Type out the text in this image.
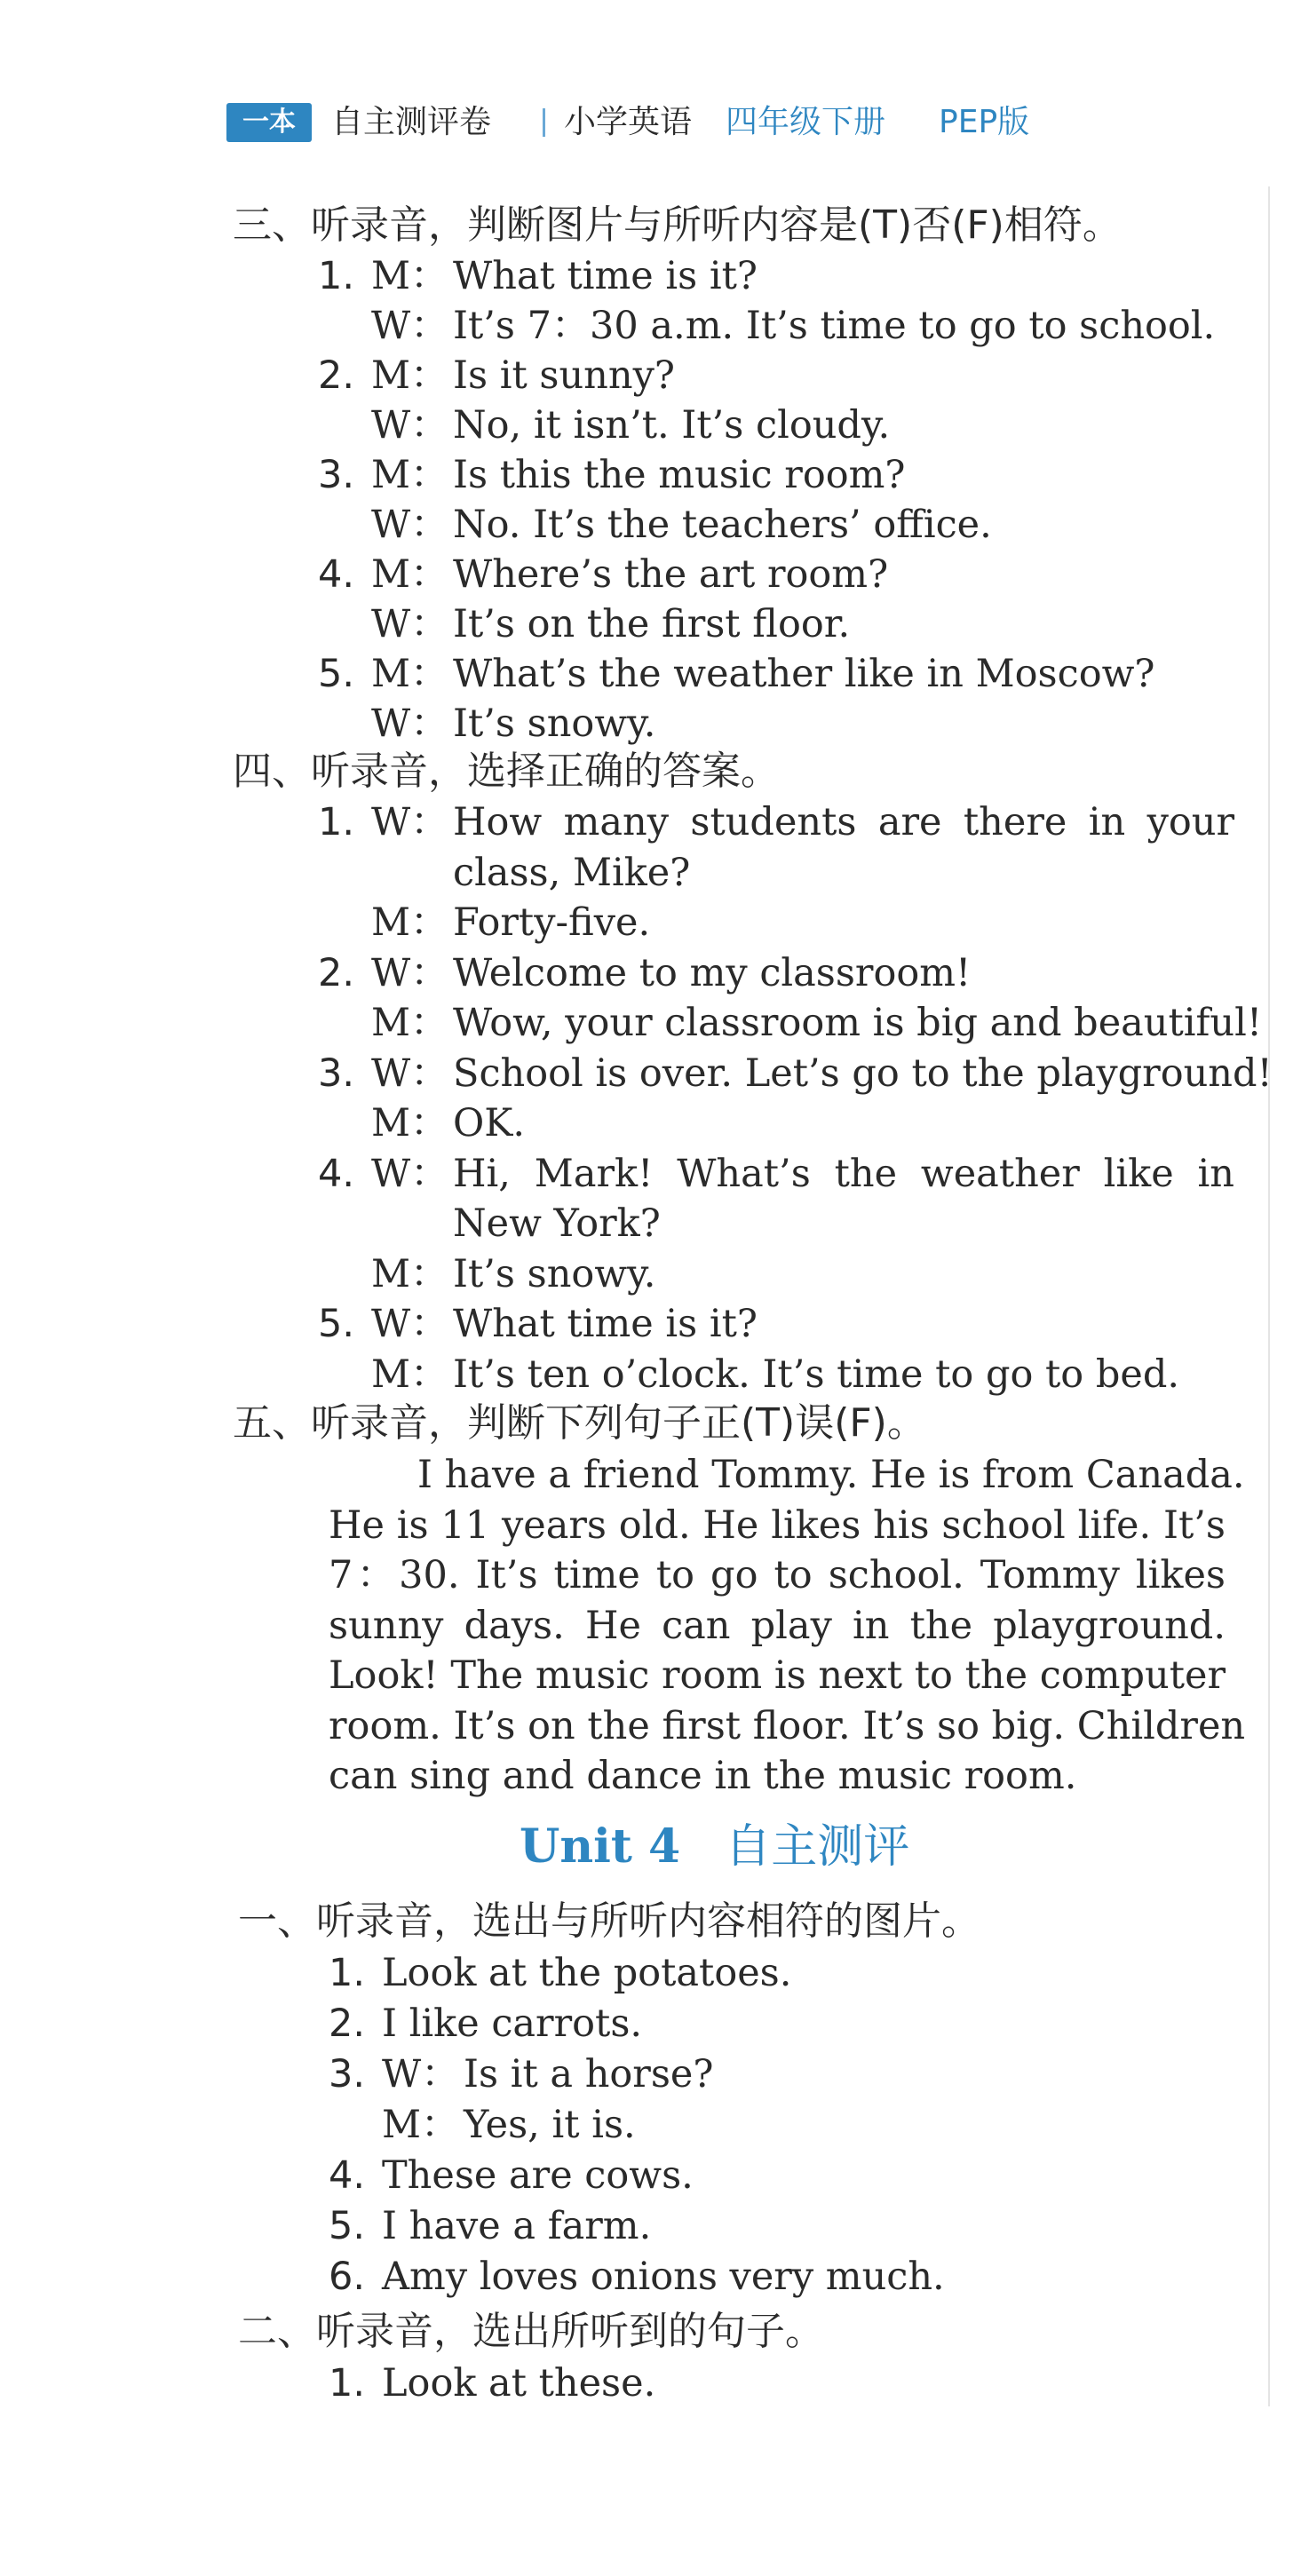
一本	自主测评卷 小学英语 四年级下册 PEP版
三、听录音，判断图片与所听内容是(T)否(F)相符。
四、听录音，选择正确的答案。
五、听录音，判断下列句子正(T)误(F)。
Unit 4 自主测评
一、听录音，选出与所听内容相符的图片。
二、听录音，选出所听到的句子。
1. M： What time is it?
W： It’s 7：30 a.m. It’s time to go to school.
2. M： Is it sunny?
W： No, it isn’t. It’s cloudy.
3. M： Is this the music room?
W： No. It’s the teachers’ office.
4. M： Where’s the art room?
W： It’s on the first floor.
5. M： What’s the weather like in Moscow?
W： It’s snowy.
1. W： How many students are there in your
class, Mike?
M： Forty-five.
2. W： Welcome to my classroom!
M： Wow, your classroom is big and beautiful!
3. W： School is over. Let’s go to the playground!
M： OK.
4. W： Hi, Mark! What’s the weather like in
New York?
M： It’s snowy.
5. W： What time is it?
M： It’s ten o’clock. It’s time to go to bed.
1. Look at the potatoes.
2. I like carrots.
3. W： Is it a horse?
M： Yes, it is.
4. These are cows.
5. I have a farm.
6. Amy loves onions very much.
1. Look at these.
I have a friend Tommy. He is from Canada.
He is 11 years old. He likes his school life. It’s
7：30. It’s time to go to school. Tommy likes
sunny days. He can play in the playground.
Look! The music room is next to the computer
room. It’s on the first floor. It’s so big. Children
can sing and dance in the music room.
